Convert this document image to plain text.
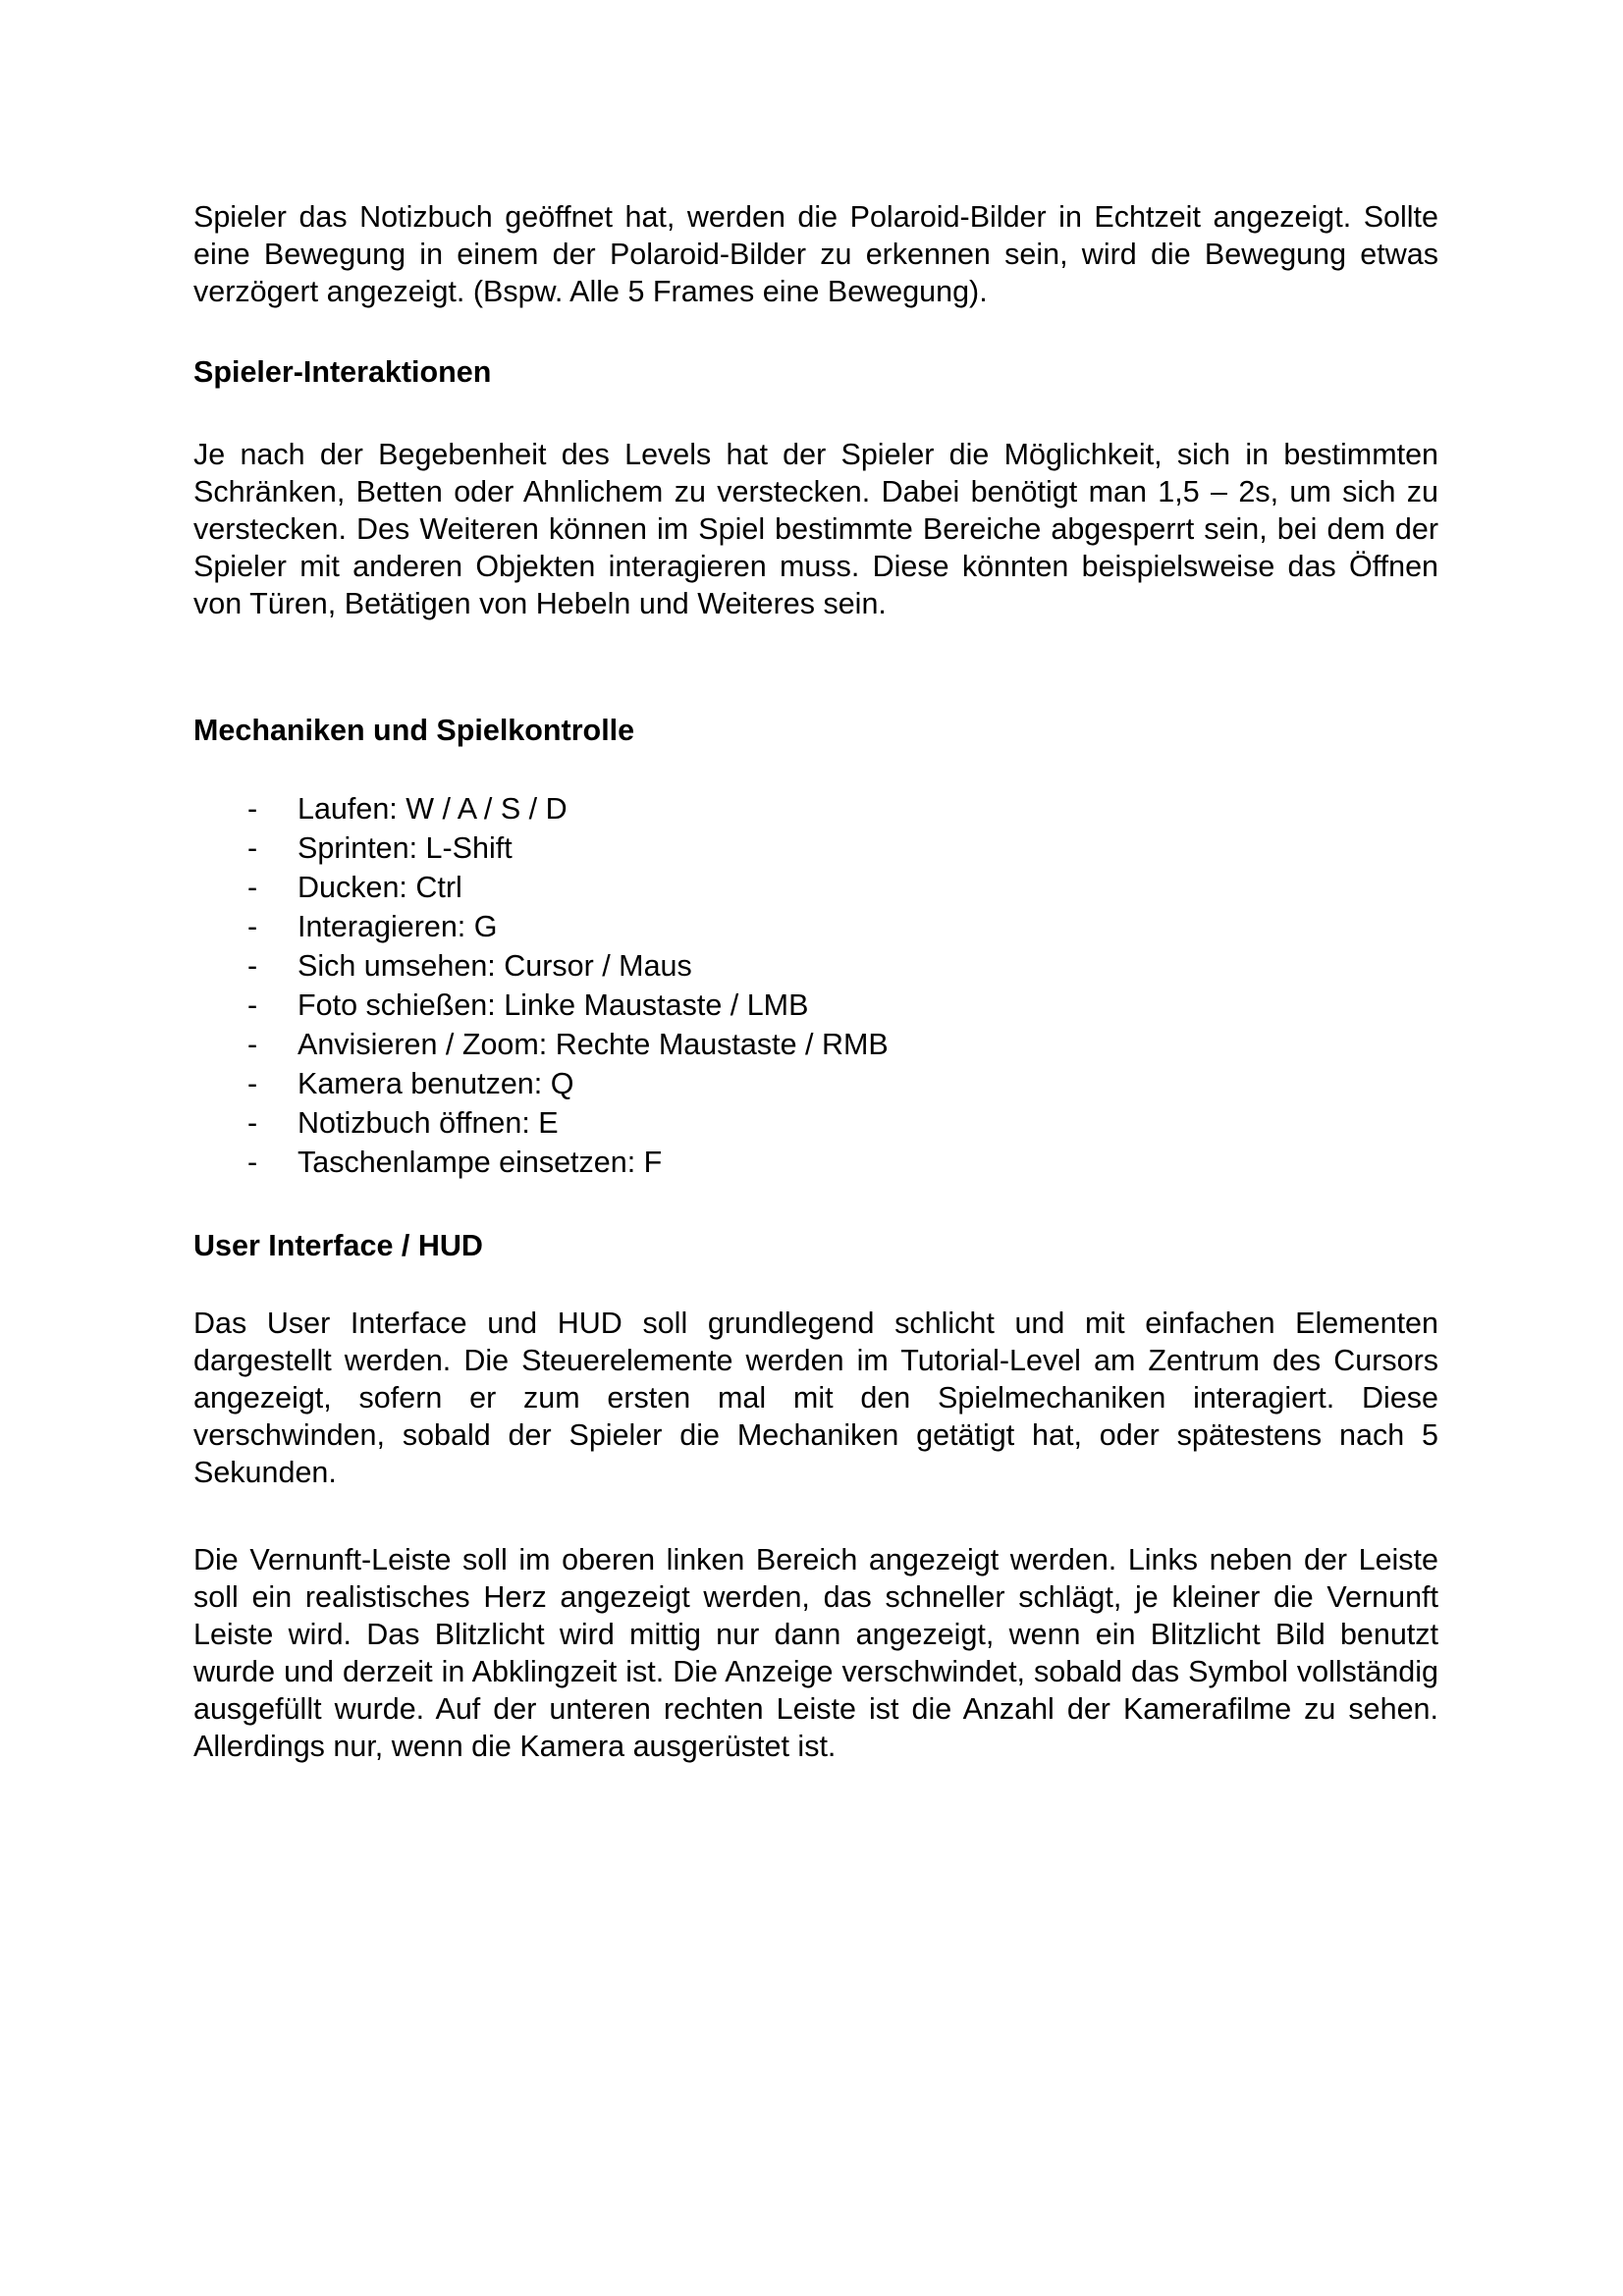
Spieler das Notizbuch geöffnet hat, werden die Polaroid-Bilder in Echtzeit angezeigt. Sollte eine Bewegung in einem der Polaroid-Bilder zu erkennen sein, wird die Bewegung etwas verzögert angezeigt. (Bspw. Alle 5 Frames eine Bewegung).

Spieler-Interaktionen

Je nach der Begebenheit des Levels hat der Spieler die Möglichkeit, sich in bestimmten Schränken, Betten oder Ahnlichem zu verstecken. Dabei benötigt man 1,5 – 2s, um sich zu verstecken. Des Weiteren können im Spiel bestimmte Bereiche abgesperrt sein, bei dem der Spieler mit anderen Objekten interagieren muss. Diese könnten beispielsweise das Öffnen von Türen, Betätigen von Hebeln und Weiteres sein.

Mechaniken und Spielkontrolle
- Laufen: W / A / S / D
- Sprinten: L-Shift
- Ducken: Ctrl
- Interagieren: G
- Sich umsehen: Cursor / Maus
- Foto schießen: Linke Maustaste / LMB
- Anvisieren / Zoom: Rechte Maustaste / RMB
- Kamera benutzen: Q
- Notizbuch öffnen: E
- Taschenlampe einsetzen: F
User Interface / HUD

Das User Interface und HUD soll grundlegend schlicht und mit einfachen Elementen dargestellt werden. Die Steuerelemente werden im Tutorial-Level am Zentrum des Cursors angezeigt, sofern er zum ersten mal mit den Spielmechaniken interagiert. Diese verschwinden, sobald der Spieler die Mechaniken getätigt hat, oder spätestens nach 5 Sekunden.

Die Vernunft-Leiste soll im oberen linken Bereich angezeigt werden. Links neben der Leiste soll ein realistisches Herz angezeigt werden, das schneller schlägt, je kleiner die Vernunft Leiste wird. Das Blitzlicht wird mittig nur dann angezeigt, wenn ein Blitzlicht Bild benutzt wurde und derzeit in Abklingzeit ist. Die Anzeige verschwindet, sobald das Symbol vollständig ausgefüllt wurde. Auf der unteren rechten Leiste ist die Anzahl der Kamerafilme zu sehen. Allerdings nur, wenn die Kamera ausgerüstet ist.
